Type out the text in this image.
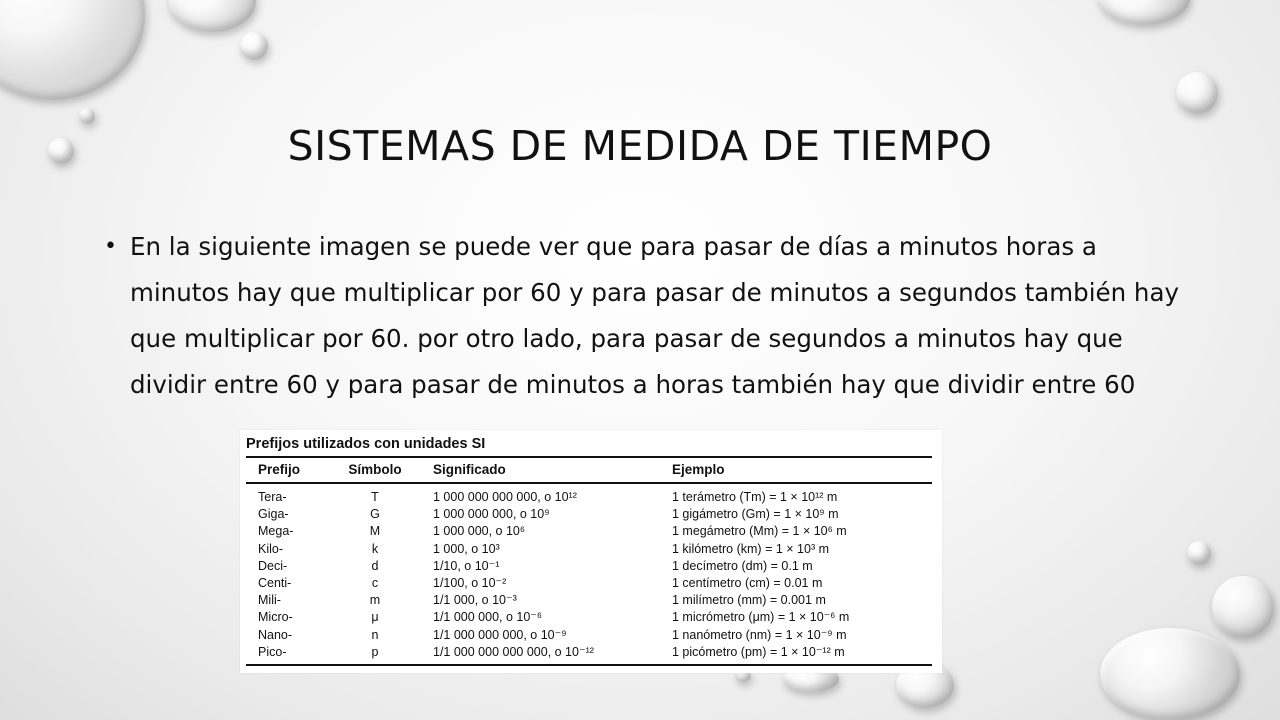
SISTEMAS DE MEDIDA DE TIEMPO
• En la siguiente imagen se puede ver que para pasar de días a minutos horas a minutos hay que multiplicar por 60 y para pasar de minutos a segundos también hay que multiplicar por 60. por otro lado, para pasar de segundos a minutos hay que dividir entre 60 y para pasar de minutos a horas también hay que dividir entre 60
Prefijos utilizados con unidades SI
Prefijo	Símbolo	Significado	Ejemplo
Tera-	T	1 000 000 000 000, o 10¹²	1 terámetro (Tm) = 1 × 10¹² m
Giga-	G	1 000 000 000, o 10⁹	1 gigámetro (Gm) = 1 × 10⁹ m
Mega-	M	1 000 000, o 10⁶	1 megámetro (Mm) = 1 × 10⁶ m
Kilo-	k	1 000, o 10³	1 kilómetro (km) = 1 × 10³ m
Deci-	d	1/10, o 10⁻¹	1 decímetro (dm) = 0.1 m
Centi-	c	1/100, o 10⁻²	1 centímetro (cm) = 0.01 m
Mili-	m	1/1 000, o 10⁻³	1 milímetro (mm) = 0.001 m
Micro-	μ	1/1 000 000, o 10⁻⁶	1 micrómetro (μm) = 1 × 10⁻⁶ m
Nano-	n	1/1 000 000 000, o 10⁻⁹	1 nanómetro (nm) = 1 × 10⁻⁹ m
Pico-	p	1/1 000 000 000 000, o 10⁻¹²	1 picómetro (pm) = 1 × 10⁻¹² m
